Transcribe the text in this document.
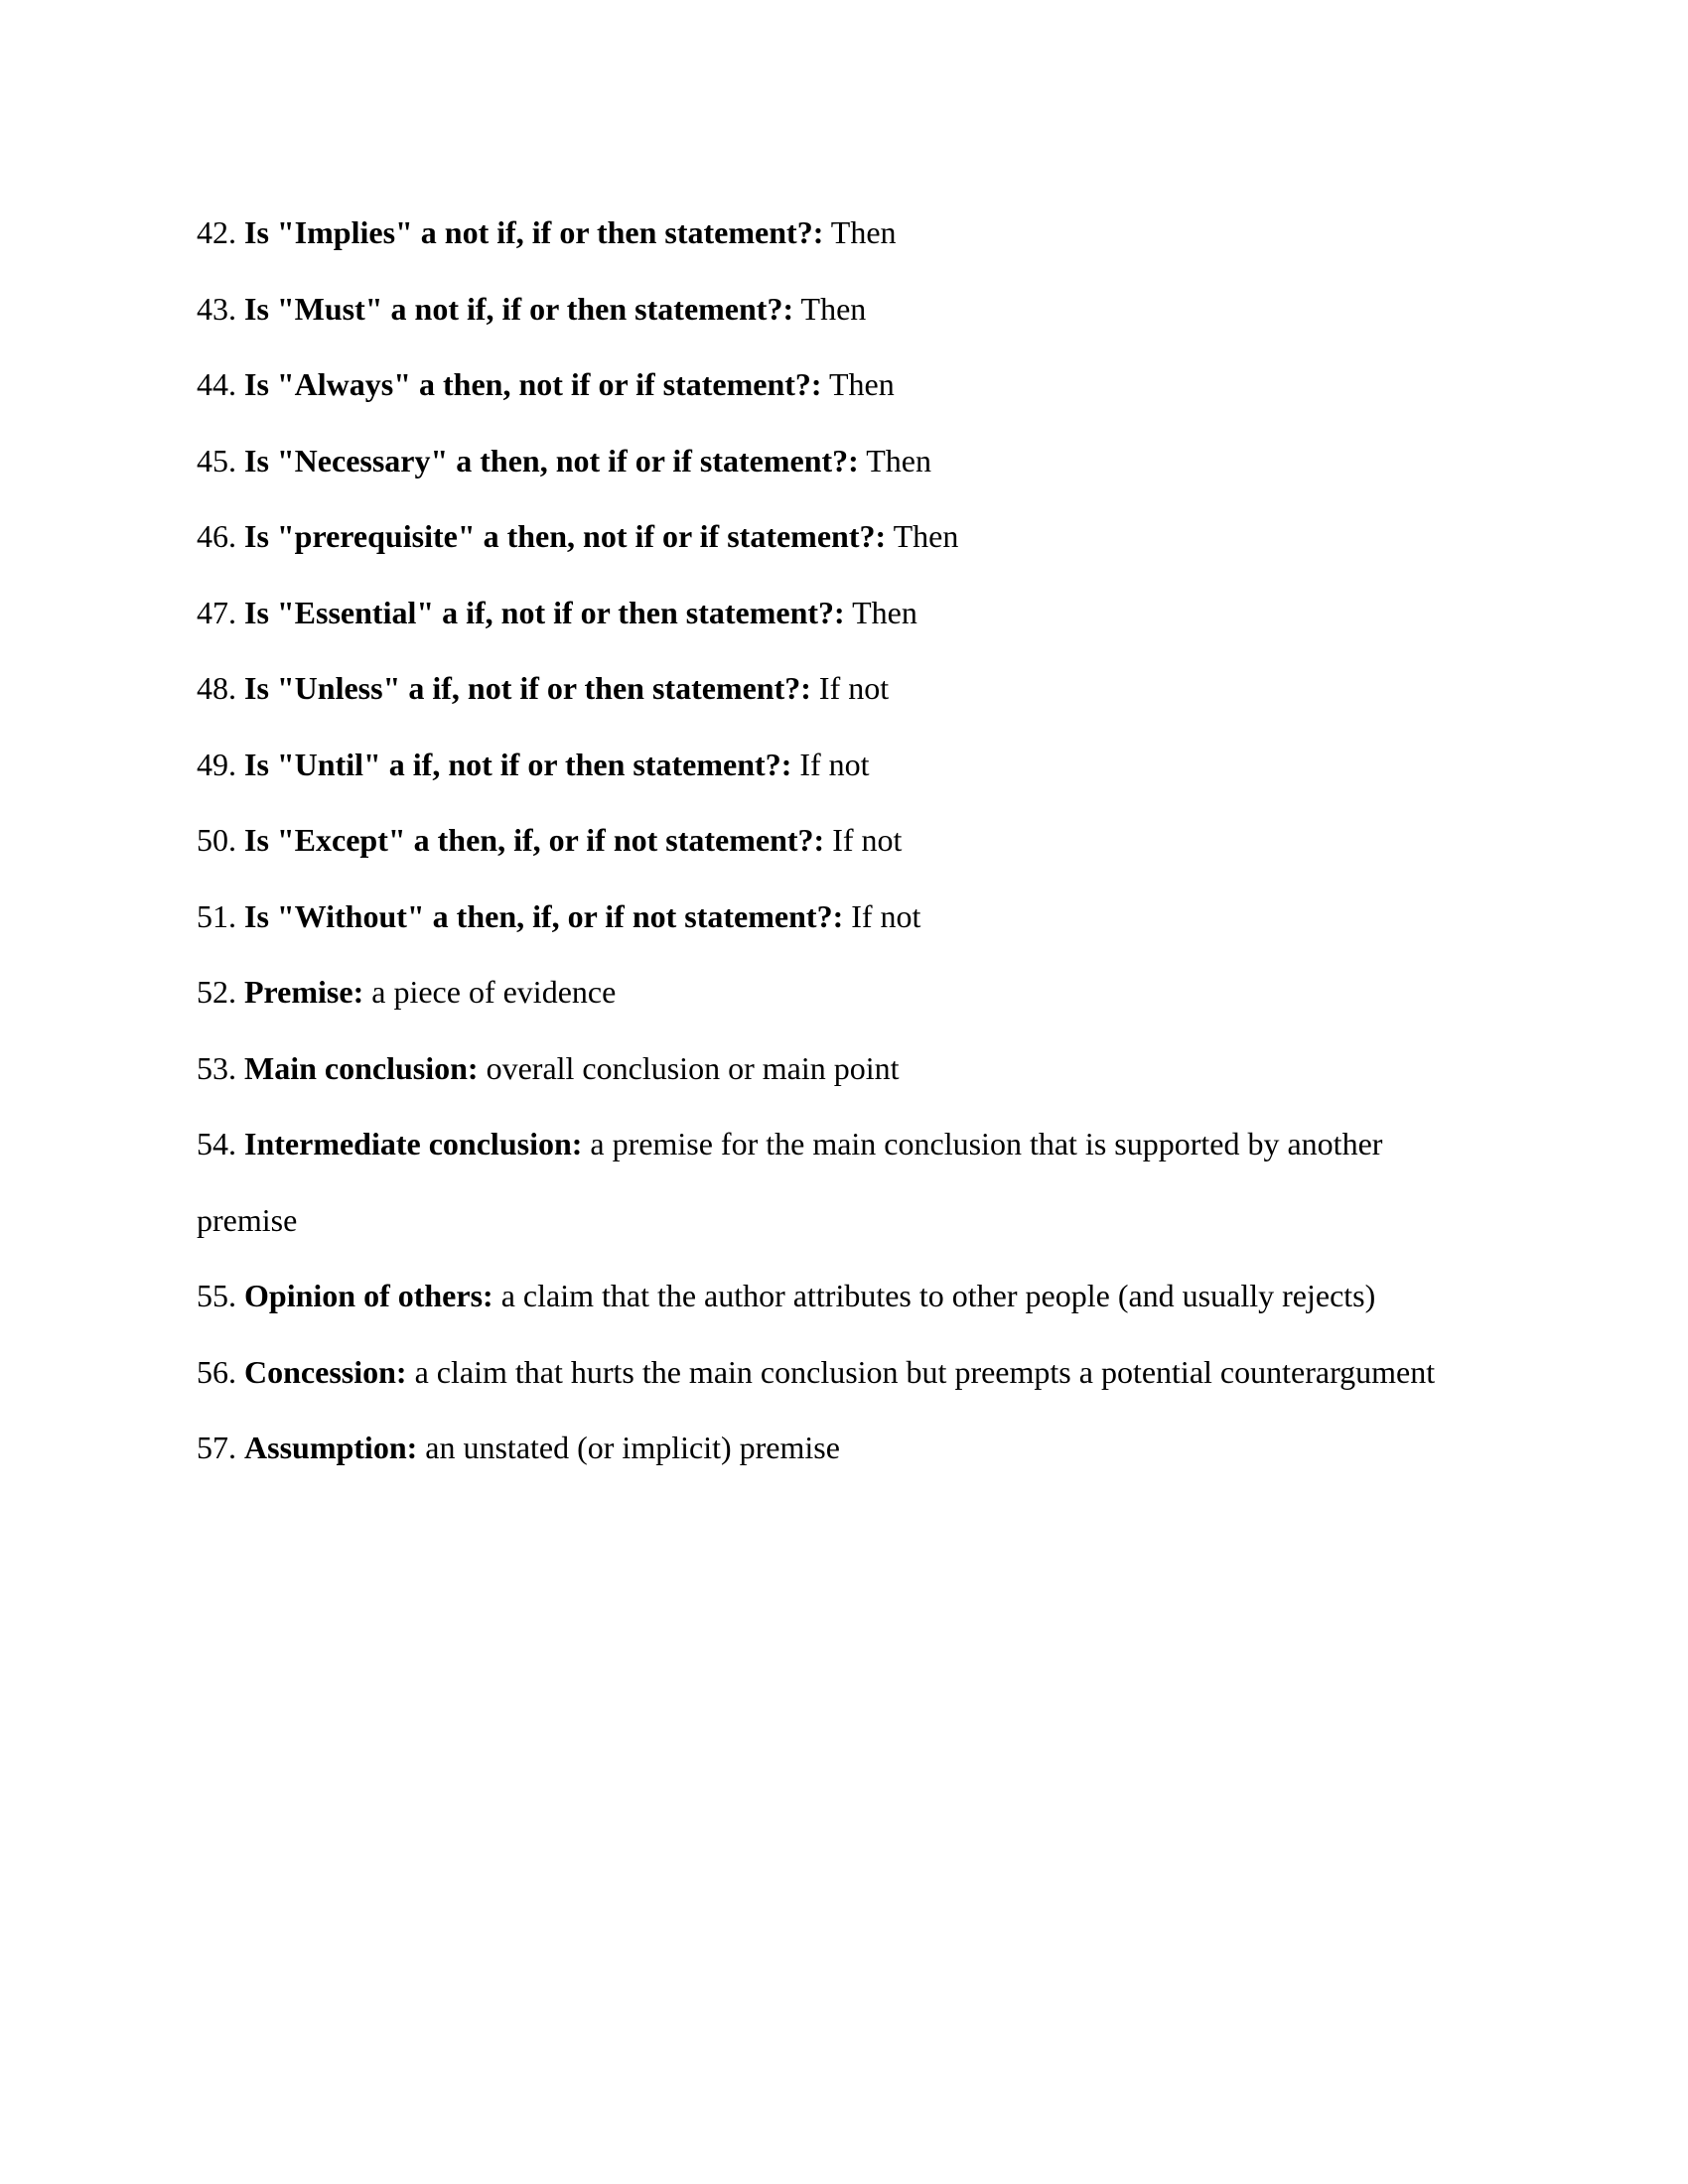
42. Is "Implies" a not if, if or then statement?: Then
43. Is "Must" a not if, if or then statement?: Then
44. Is "Always" a then, not if or if statement?: Then
45. Is "Necessary" a then, not if or if statement?: Then
46. Is "prerequisite" a then, not if or if statement?: Then
47. Is "Essential" a if, not if or then statement?: Then
48. Is "Unless" a if, not if or then statement?: If not
49. Is "Until" a if, not if or then statement?: If not
50. Is "Except" a then, if, or if not statement?: If not
51. Is "Without" a then, if, or if not statement?: If not
52. Premise: a piece of evidence
53. Main conclusion: overall conclusion or main point
54. Intermediate conclusion: a premise for the main conclusion that is supported by another premise
55. Opinion of others: a claim that the author attributes to other people (and usually rejects)
56. Concession: a claim that hurts the main conclusion but preempts a potential counterargument
57. Assumption: an unstated (or implicit) premise
